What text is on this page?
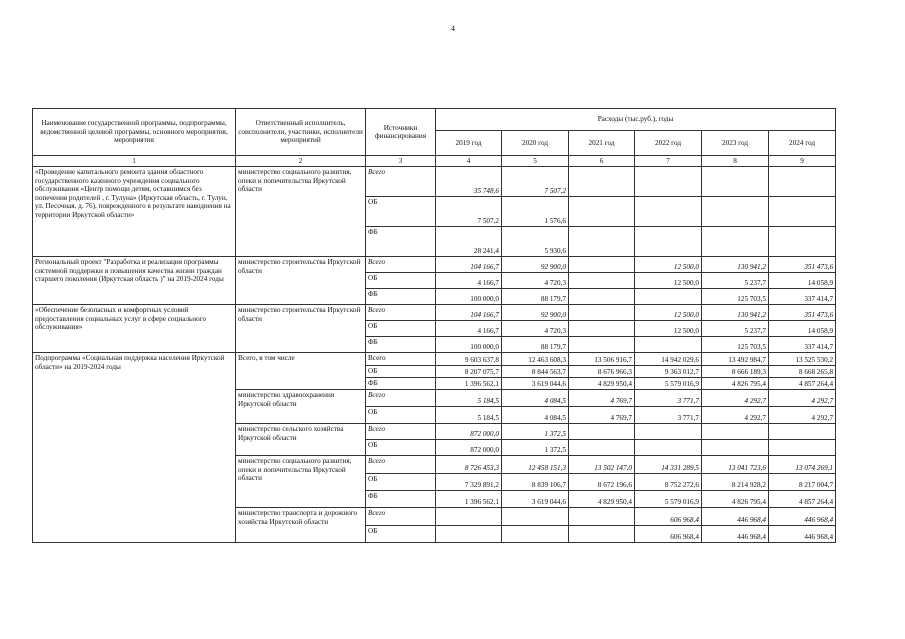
4
Наименование государственной программы, подпрограммы, ведомственной целевой программы, основного мероприятия, мероприятия	Ответственный исполнитель, соисполнители, участники, исполнители мероприятий	Источники финансирования	Расходы (тыс.руб.), годы					
			2019 год	2020 год	2021 год	2022 год	2023 год	2024 год
1	2	3	4	5	6	7	8	9
«Проведение капитального ремонта здания областного государственного казенного учреждения социального обслуживания «Центр помощи детям, оставшимся без попечения родителей , г. Тулуна» (Иркутская область, г. Тулун, ул. Песочная, д. 76), поврежденного в результате наводнения на территории Иркутской области»	министерство социального развития, опеки и попечительства Иркутской области	Всего	35 748,6	7 507,2				
		ОБ	7 507,2	1 576,6				
		ФБ	28 241,4	5 930,6				
Региональный проект "Разработка и реализация программы системной поддержки и повышения качества жизни граждан старшего поколения (Иркутская область )" на 2019-2024 годы	министерство строительства Иркутской области	Всего	104 166,7	92 900,0		12 500,0	130 941,2	351 473,6
		ОБ	4 166,7	4 720,3		12 500,0	5 237,7	14 058,9
		ФБ	100 000,0	88 179,7			125 703,5	337 414,7
«Обеспечение безопасных и комфортных условий предоставления социальных услуг в сфере социального обслуживания»	министерство строительства Иркутской области	Всего	104 166,7	92 900,0		12 500,0	130 941,2	351 473,6
		ОБ	4 166,7	4 720,3		12 500,0	5 237,7	14 058,9
		ФБ	100 000,0	88 179,7			125 703,5	337 414,7
Подпрограмма «Социальная поддержка населения Иркутской области» на 2019-2024 годы	Всего, в том числе	Всего	9 603 637,8	12 463 608,3	13 506 916,7	14 942 029,6	13 492 984,7	13 525 530,2
		ОБ	8 207 075,7	8 844 563,7	8 676 966,3	9 363 012,7	8 666 189,3	8 668 265,8
		ФБ	1 396 562,1	3 619 044,6	4 829 950,4	5 579 016,9	4 826 795,4	4 857 264,4
	министерство здравоохранения Иркутской области	Всего	5 184,5	4 084,5	4 769,7	3 771,7	4 292,7	4 292,7
		ОБ	5 184,5	4 084,5	4 769,7	3 771,7	4 292,7	4 292,7
	министерство сельского хозяйства Иркутской области	Всего	872 000,0	1 372,5				
		ОБ	872 000,0	1 372,5				
	министерство социального развития, опеки и попечительства Иркутской области	Всего	8 726 453,3	12 458 151,3	13 502 147,0	14 331 289,5	13 041 723,6	13 074 269,1
		ОБ	7 329 891,2	8 839 106,7	8 672 196,6	8 752 272,6	8 214 928,2	8 217 004,7
		ФБ	1 396 562,1	3 619 044,6	4 829 950,4	5 579 016,9	4 826 795,4	4 857 264,4
	министерство транспорта и дорожного хозяйства Иркутской области	Всего				606 968,4	446 968,4	446 968,4
		ОБ				606 968,4	446 968,4	446 968,4
